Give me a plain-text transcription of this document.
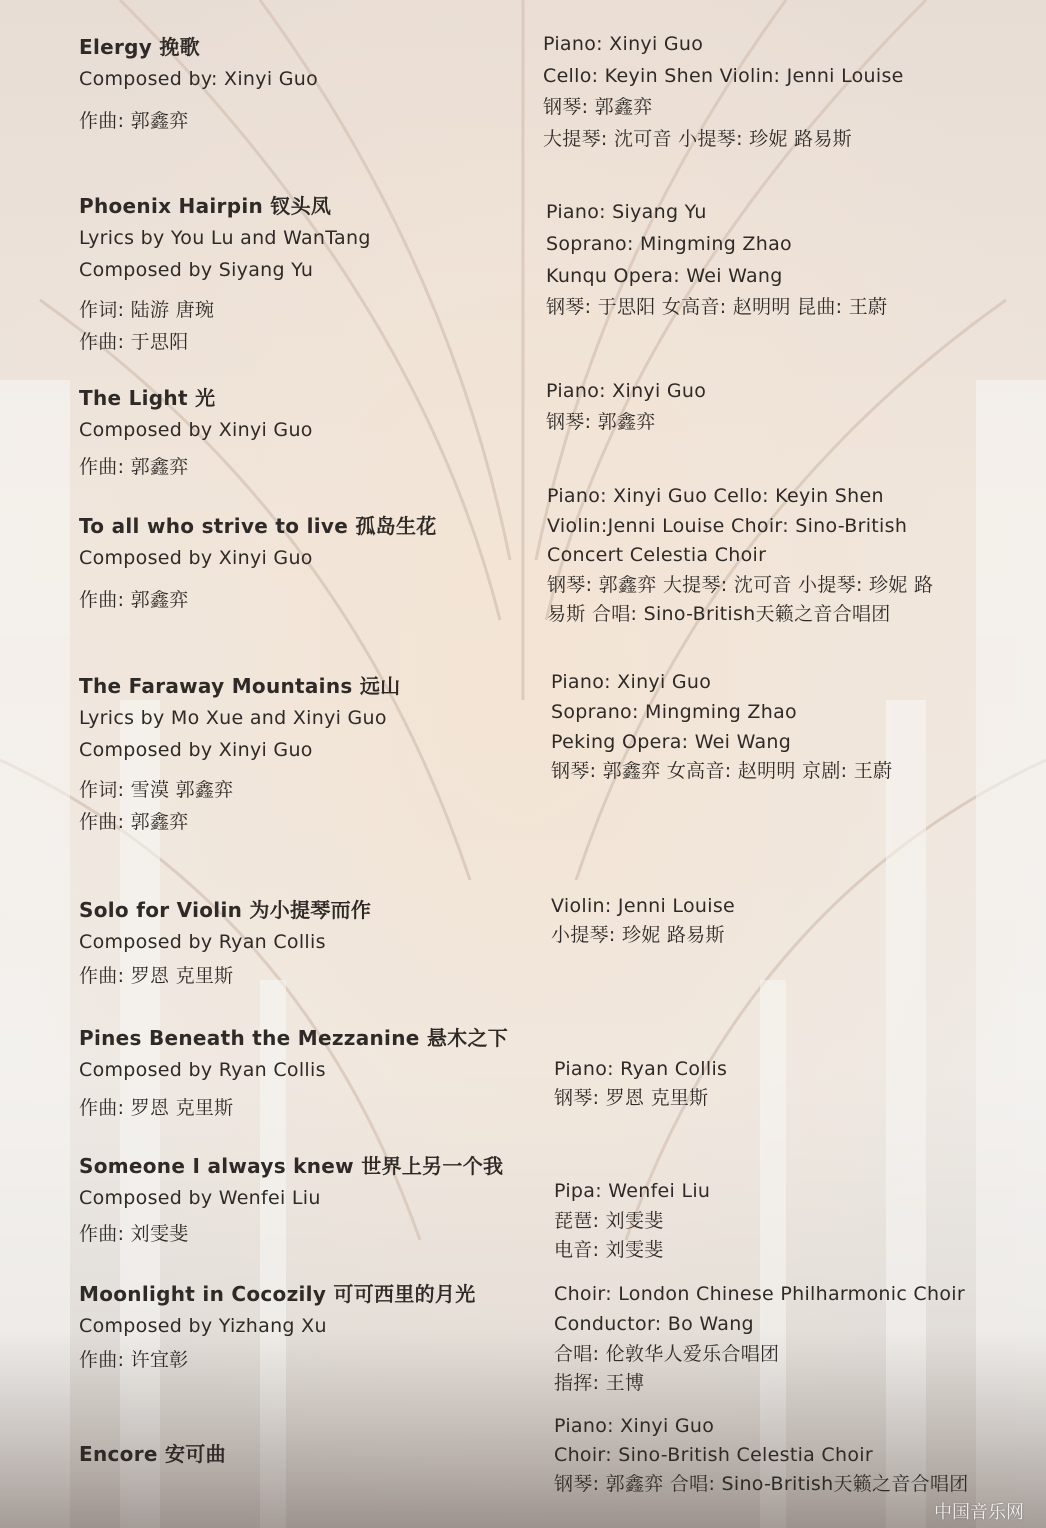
Elergy 挽歌
Composed by: Xinyi Guo
作曲: 郭鑫弈
Piano: Xinyi Guo
Cello: Keyin Shen Violin: Jenni Louise
钢琴: 郭鑫弈
大提琴: 沈可音 小提琴: 珍妮 路易斯
Phoenix Hairpin 钗头凤
Lyrics by You Lu and WanTang
Composed by Siyang Yu
作词: 陆游 唐琬
作曲: 于思阳
Piano: Siyang Yu
Soprano: Mingming Zhao
Kunqu Opera: Wei Wang
钢琴: 于思阳 女高音: 赵明明 昆曲: 王蔚
The Light 光
Composed by Xinyi Guo
作曲: 郭鑫弈
Piano: Xinyi Guo
钢琴: 郭鑫弈
To all who strive to live 孤岛生花
Composed by Xinyi Guo
作曲: 郭鑫弈
Piano: Xinyi Guo Cello: Keyin Shen
Violin:Jenni Louise Choir: Sino-British
Concert Celestia Choir
钢琴: 郭鑫弈 大提琴: 沈可音 小提琴: 珍妮 路
易斯 合唱: Sino-British天籁之音合唱团
The Faraway Mountains 远山
Lyrics by Mo Xue and Xinyi Guo
Composed by Xinyi Guo
作词: 雪漠 郭鑫弈
作曲: 郭鑫弈
Piano: Xinyi Guo
Soprano: Mingming Zhao
Peking Opera: Wei Wang
钢琴: 郭鑫弈 女高音: 赵明明 京剧: 王蔚
Solo for Violin 为小提琴而作
Composed by Ryan Collis
作曲: 罗恩 克里斯
Violin: Jenni Louise
小提琴: 珍妮 路易斯
Pines Beneath the Mezzanine 悬木之下
Composed by Ryan Collis
作曲: 罗恩 克里斯
Piano: Ryan Collis
钢琴: 罗恩 克里斯
Someone I always knew 世界上另一个我
Composed by Wenfei Liu
作曲: 刘雯斐
Pipa: Wenfei Liu
琵琶: 刘雯斐
电音: 刘雯斐
Moonlight in Cocozily 可可西里的月光
Composed by Yizhang Xu
作曲: 许宜彰
Choir: London Chinese Philharmonic Choir
Conductor: Bo Wang
合唱: 伦敦华人爱乐合唱团
指挥: 王博
Encore 安可曲
Piano: Xinyi Guo
Choir: Sino-British Celestia Choir
钢琴: 郭鑫弈 合唱: Sino-British天籁之音合唱团
中国音乐网
